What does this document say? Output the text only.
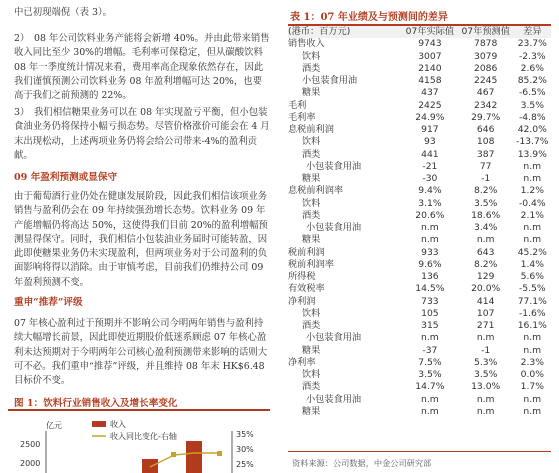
中已初现端倪（表 3）。

2）　08 年公司饮料业务产能将会新增 40%。并由此带来销售收入同比至少 30%的增幅。毛利率可保稳定，但从碳酸饮料 08 年一季度统计情况来看，费用率高企现象依然存在，因此我们谨慎预测公司饮料业务 08 年盈利增幅可达 20%，也要高于我们之前预测的 22%。

3）　我们相信糖果业务可以在 08 年实现盈亏平衡，但小包装食油业务仍将保持小幅亏损态势。尽管价格涨价可能会在 4 月末出现松动，上述两项业务仍将会给公司带来-4%的盈利贡献。

09 年盈利预测或显保守

由于葡萄酒行业仍处在健康发展阶段，因此我们相信该项业务销售与盈利仍会在 09 年持续强劲增长态势。饮料业务 09 年产能增幅仍将高达 50%，这使得我们目前 20%的盈利增幅预测显得保守。同时，我们相信小包装油业务届时可能转盈，因此即使糖果业务仍未实现盈利，但两项业务对于公司盈利的负面影响将得以消除。由于审慎考虑，目前我们仍维持公司 09 年盈利预测不变。

重申“推荐”评级

07 年核心盈利过于预期并不影响公司今明两年销售与盈利持续大幅增长前景，因此即使近期股价低迷系顾虑 07 年核心盈利未达预期对于今明两年公司核心盈利预测带来影响的话则大可不必。我们重申“推荐”评级，并且维持 08 年末 HK$6.48 目标价不变。

图 1：饮料行业销售收入及增长率变化
亿元
2500
2000
35%
30%
25%
收入
收入同比变化-右轴
表 1：07 年业绩及与预测间的差异
(港币：百万元)	07年实际值	07年预测值	差异
销售收入	9743	7878	23.7%
饮料	3007	3079	-2.3%
酒类	2140	2086	2.6%
小包装食用油	4158	2245	85.2%
糖果	437	467	-6.5%
毛利	2425	2342	3.5%
毛利率	24.9%	29.7%	-4.8%
息税前利润	917	646	42.0%
饮料	93	108	-13.7%
酒类	441	387	13.9%
小包装食用油	-21	77	n.m
糖果	-30	-1	n.m
息税前利润率	9.4%	8.2%	1.2%
饮料	3.1%	3.5%	-0.4%
酒类	20.6%	18.6%	2.1%
小包装食用油	n.m	3.4%	n.m
糖果	n.m	n.m	n.m
税前利润	933	643	45.2%
税前利润率	9.6%	8.2%	1.4%
所得税	136	129	5.6%
有效税率	14.5%	20.0%	-5.5%
净利润	733	414	77.1%
饮料	105	107	-1.6%
酒类	315	271	16.1%
小包装食用油	n.m	n.m	n.m
糖果	-37	-1	n.m
净利率	7.5%	5.3%	2.3%
饮料	3.5%	3.5%	0.0%
酒类	14.7%	13.0%	1.7%
小包装食用油	n.m	n.m	n.m
糖果	n.m	n.m	n.m
资料来源：公司数据，中金公司研究部
